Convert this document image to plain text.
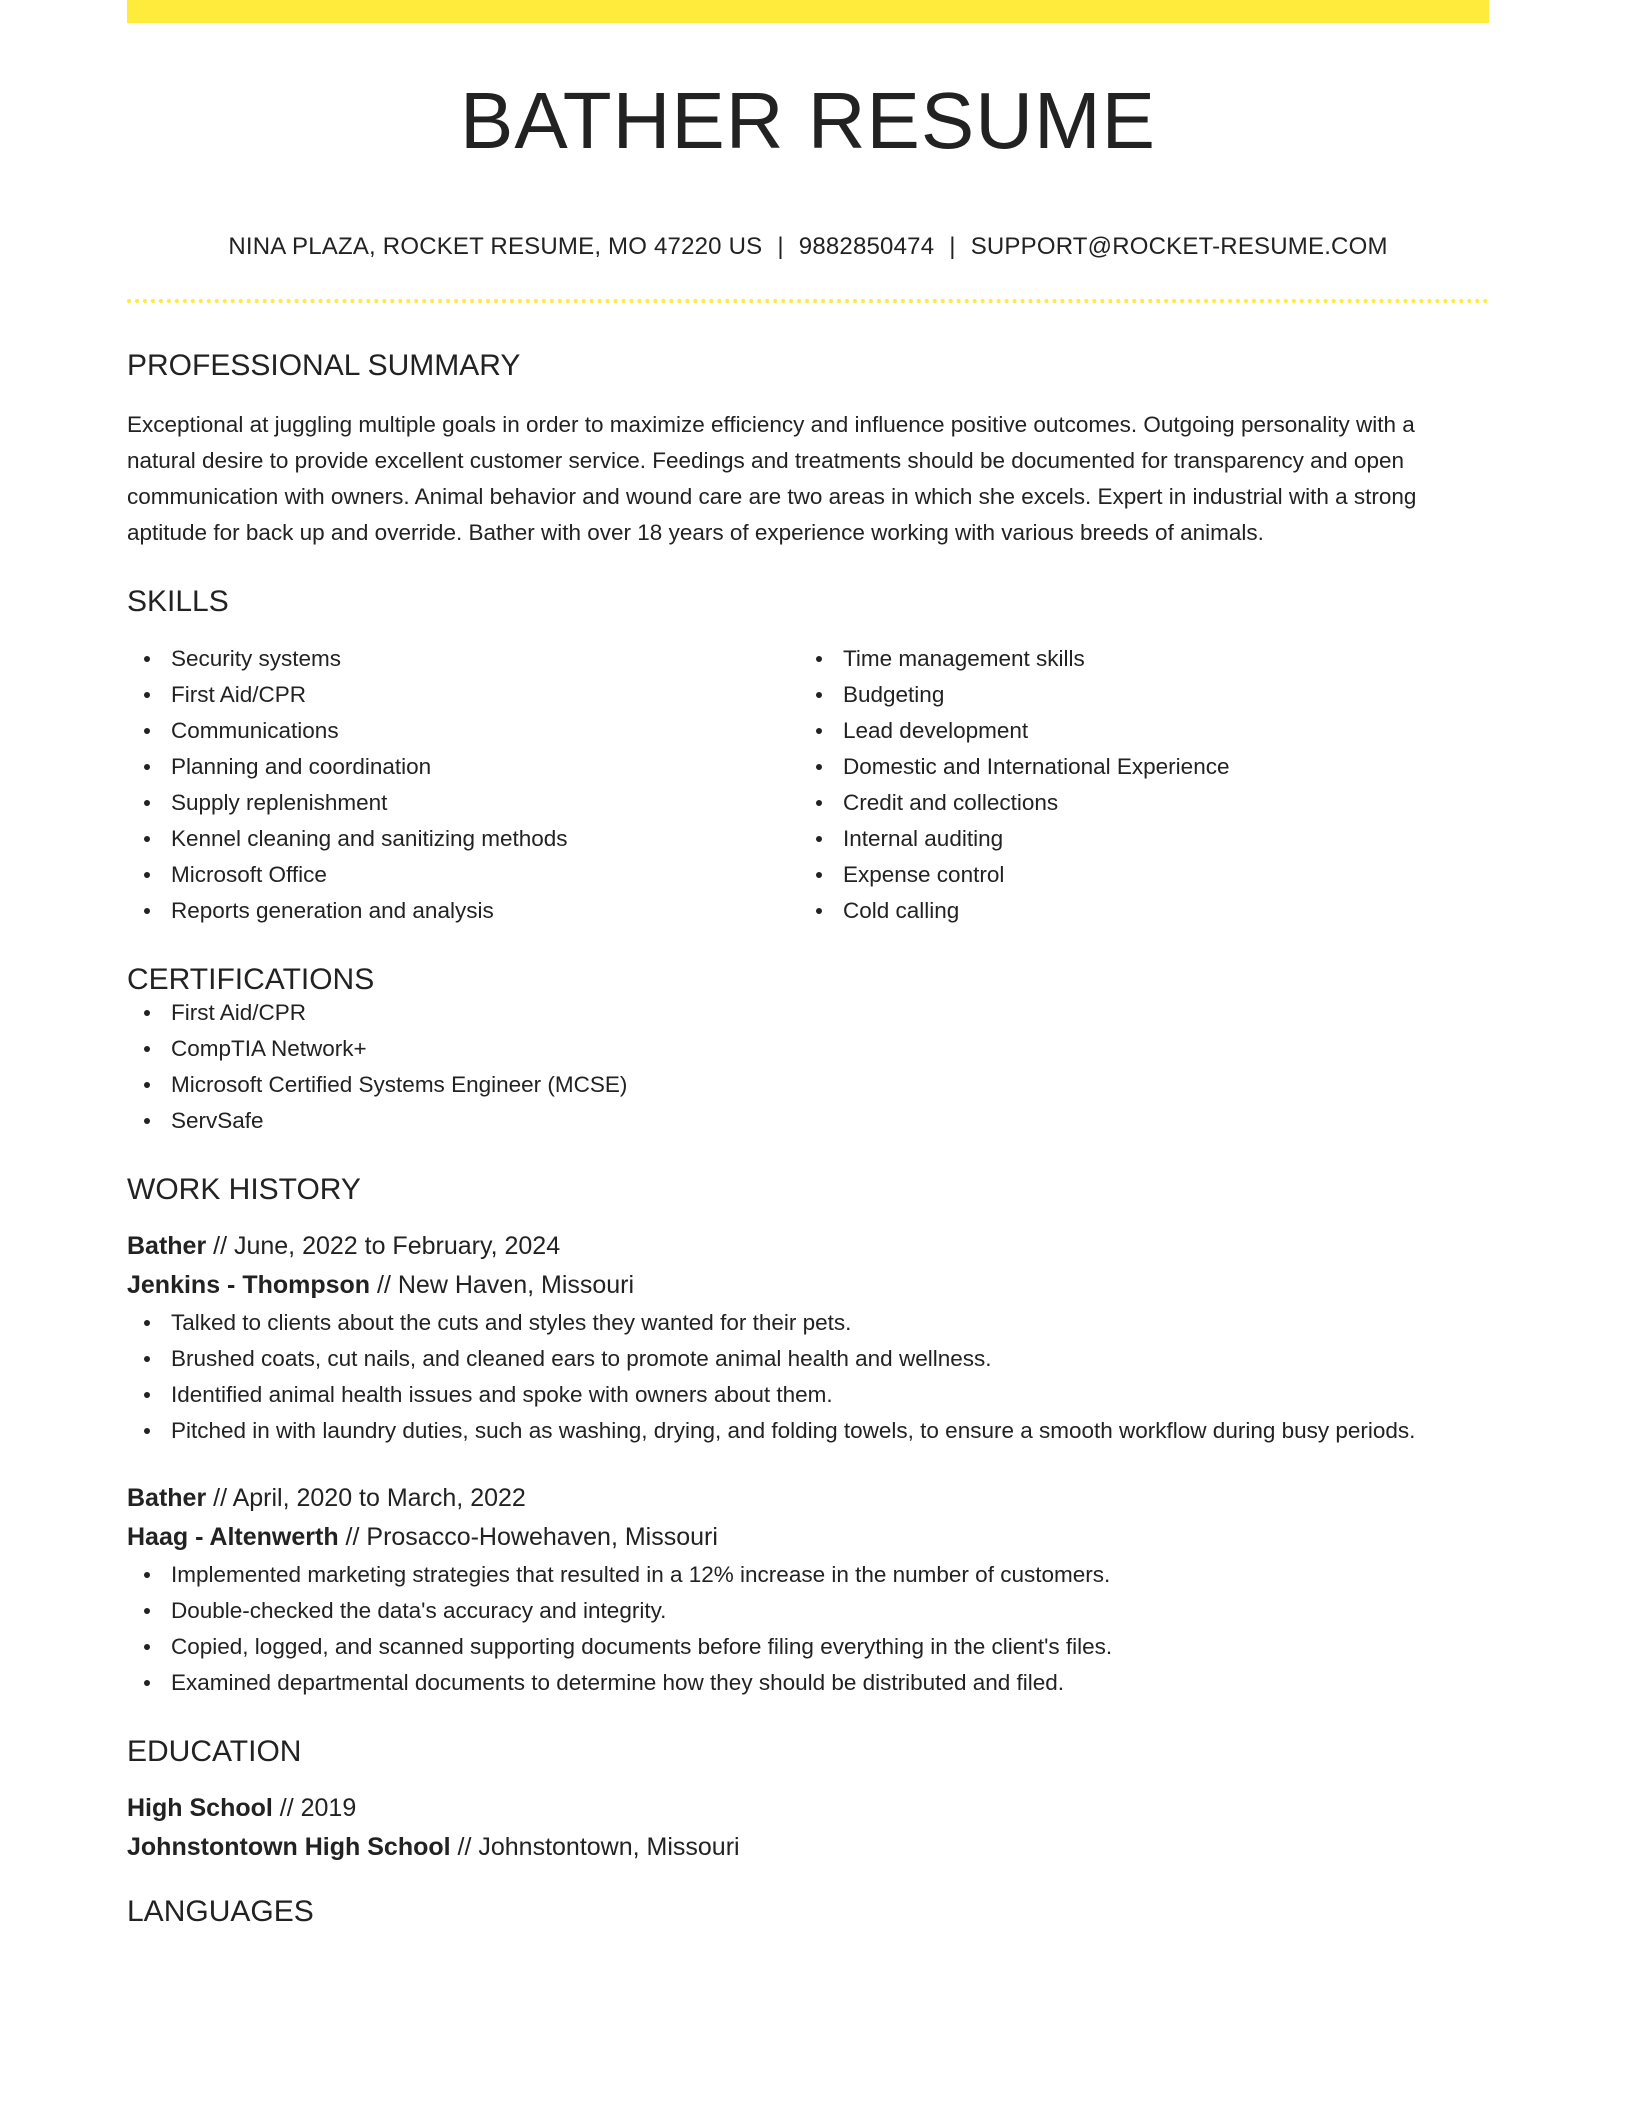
BATHER RESUME
NINA PLAZA, ROCKET RESUME, MO 47220 US | 9882850474 | SUPPORT@ROCKET-RESUME.COM
PROFESSIONAL SUMMARY

Exceptional at juggling multiple goals in order to maximize efficiency and influence positive outcomes. Outgoing personality with a natural desire to provide excellent customer service. Feedings and treatments should be documented for transparency and open communication with owners. Animal behavior and wound care are two areas in which she excels. Expert in industrial with a strong aptitude for back up and override. Bather with over 18 years of experience working with various breeds of animals.

SKILLS
Security systems
First Aid/CPR
Communications
Planning and coordination
Supply replenishment
Kennel cleaning and sanitizing methods
Microsoft Office
Reports generation and analysis
Time management skills
Budgeting
Lead development
Domestic and International Experience
Credit and collections
Internal auditing
Expense control
Cold calling
CERTIFICATIONS
First Aid/CPR
CompTIA Network+
Microsoft Certified Systems Engineer (MCSE)
ServSafe
WORK HISTORY
Bather // June, 2022 to February, 2024
Jenkins - Thompson // New Haven, Missouri
Talked to clients about the cuts and styles they wanted for their pets.
Brushed coats, cut nails, and cleaned ears to promote animal health and wellness.
Identified animal health issues and spoke with owners about them.
Pitched in with laundry duties, such as washing, drying, and folding towels, to ensure a smooth workflow during busy periods.
Bather // April, 2020 to March, 2022
Haag - Altenwerth // Prosacco-Howehaven, Missouri
Implemented marketing strategies that resulted in a 12% increase in the number of customers.
Double-checked the data's accuracy and integrity.
Copied, logged, and scanned supporting documents before filing everything in the client's files.
Examined departmental documents to determine how they should be distributed and filed.
EDUCATION
High School // 2019
Johnstontown High School // Johnstontown, Missouri
LANGUAGES
